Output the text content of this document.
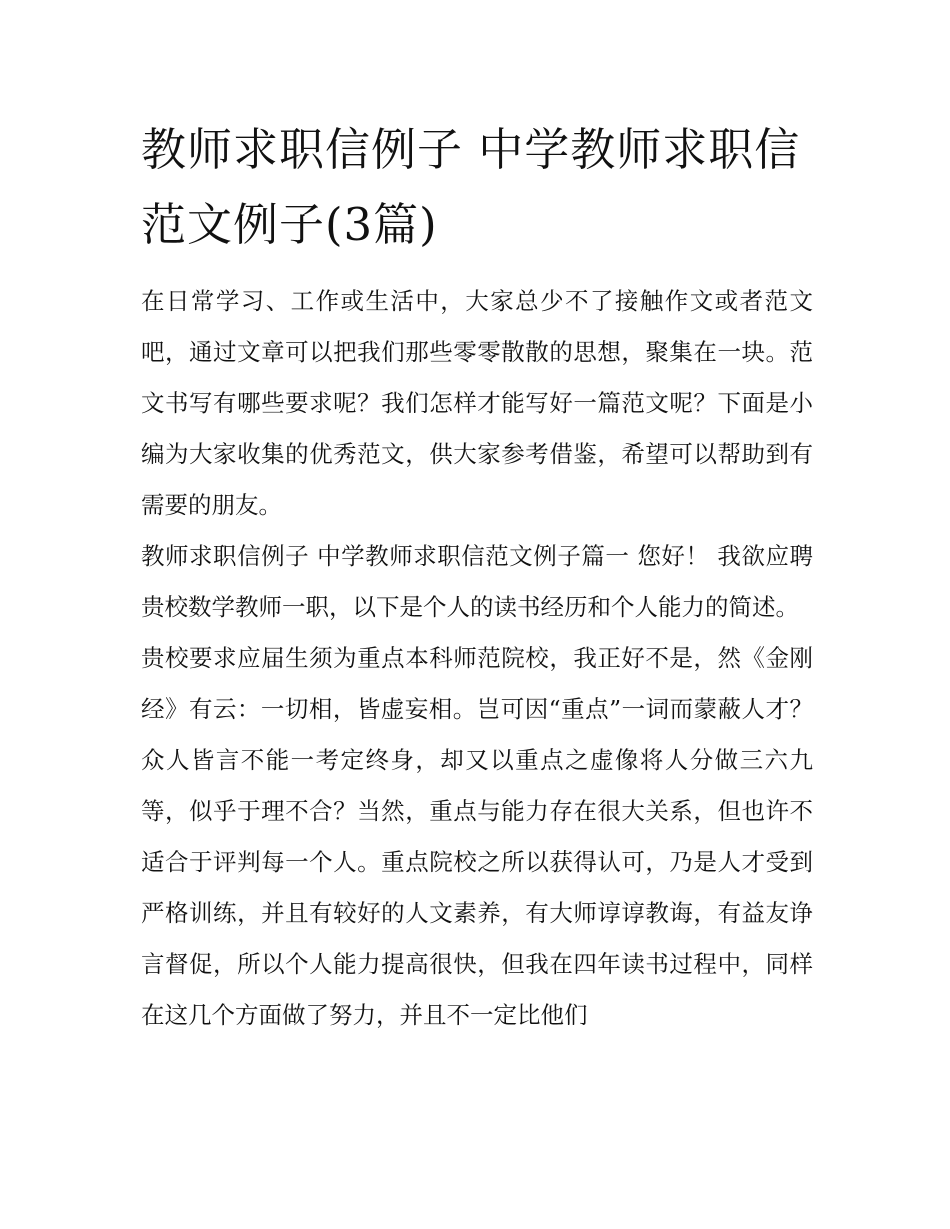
教师求职信例子 中学教师求职信范文例子(3篇)

在日常学习、工作或生活中，大家总少不了接触作文或者范文吧，通过文章可以把我们那些零零散散的思想，聚集在一块。范文书写有哪些要求呢？我们怎样才能写好一篇范文呢？下面是小编为大家收集的优秀范文，供大家参考借鉴，希望可以帮助到有需要的朋友。

教师求职信例子 中学教师求职信范文例子篇一 您好！ 我欲应聘贵校数学教师一职，以下是个人的读书经历和个人能力的简述。

贵校要求应届生须为重点本科师范院校，我正好不是，然《金刚经》有云：一切相，皆虚妄相。岂可因“重点”一词而蒙蔽人才？众人皆言不能一考定终身，却又以重点之虚像将人分做三六九等，似乎于理不合？当然，重点与能力存在很大关系，但也许不适合于评判每一个人。重点院校之所以获得认可，乃是人才受到严格训练，并且有较好的人文素养，有大师谆谆教诲，有益友诤言督促，所以个人能力提高很快，但我在四年读书过程中，同样在这几个方面做了努力，并且不一定比他们
